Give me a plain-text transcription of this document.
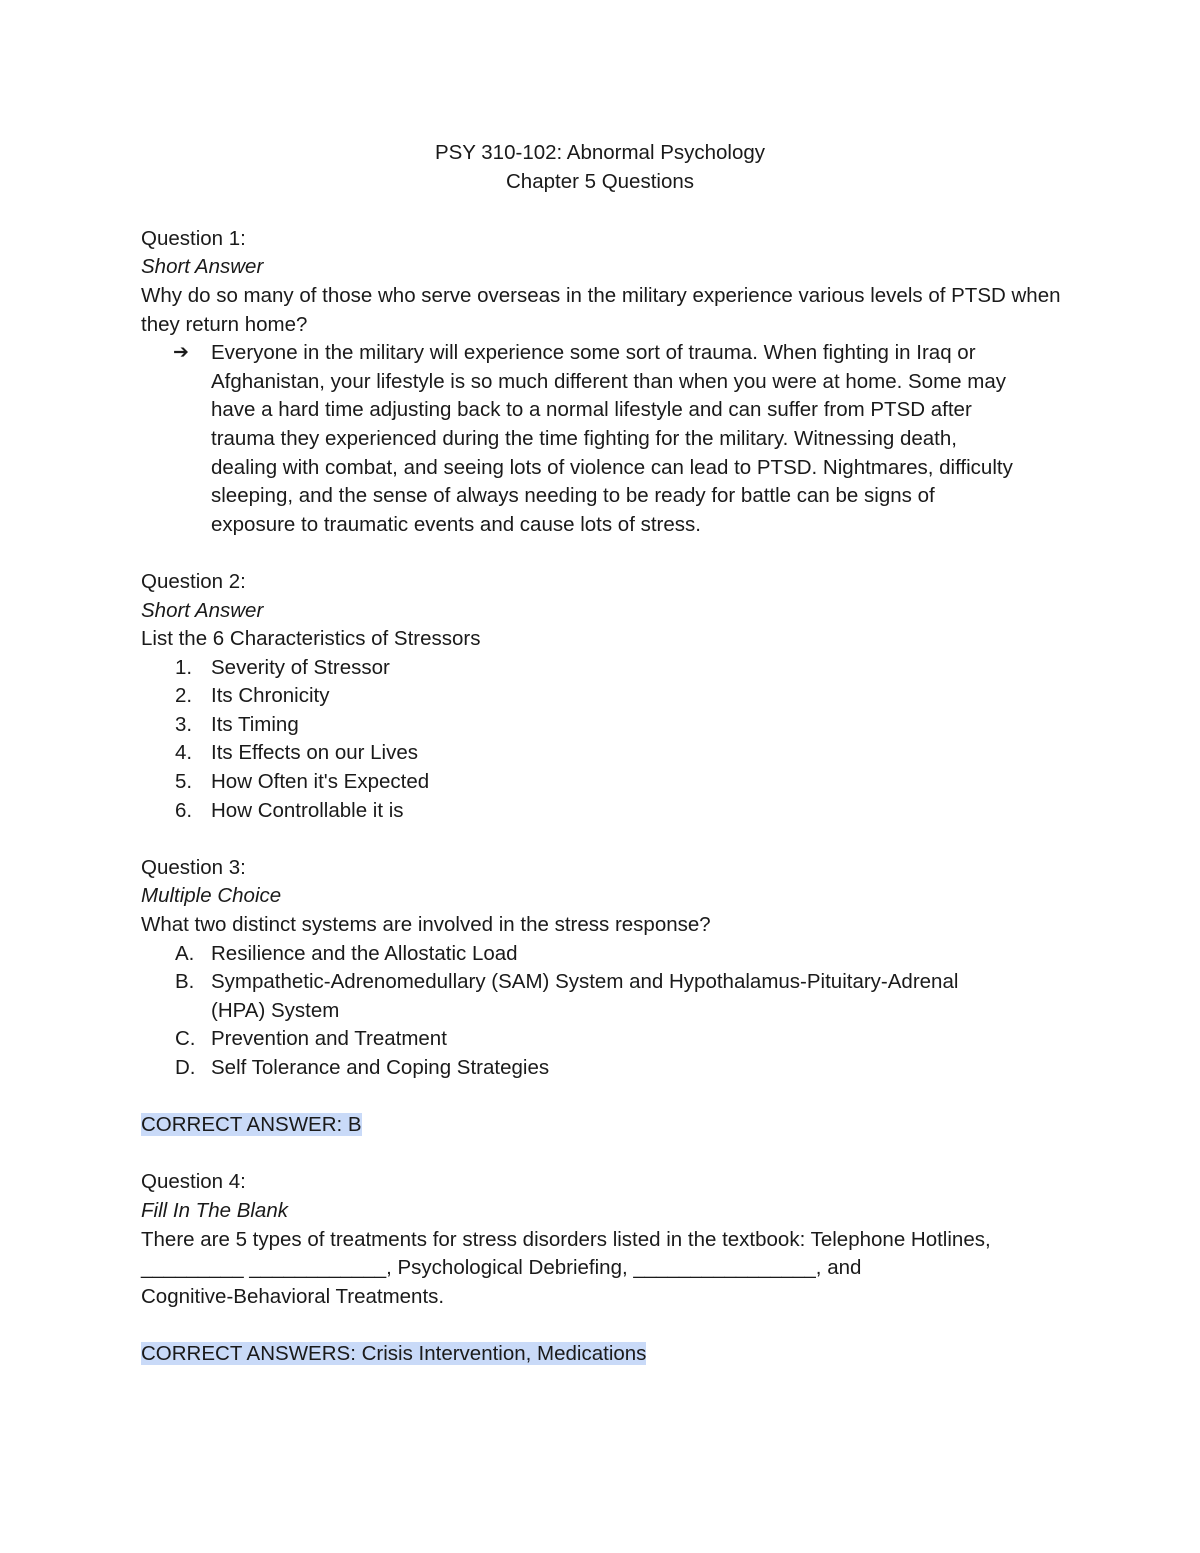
PSY 310-102: Abnormal Psychology
Chapter 5 Questions
Question 1:
Short Answer
Why do so many of those who serve overseas in the military experience various levels of PTSD when they return home?
➔ Everyone in the military will experience some sort of trauma. When fighting in Iraq or
Afghanistan, your lifestyle is so much different than when you were at home. Some may
have a hard time adjusting back to a normal lifestyle and can suffer from PTSD after
trauma they experienced during the time fighting for the military. Witnessing death,
dealing with combat, and seeing lots of violence can lead to PTSD. Nightmares, difficulty
sleeping, and the sense of always needing to be ready for battle can be signs of
exposure to traumatic events and cause lots of stress.
Question 2:
Short Answer
List the 6 Characteristics of Stressors
1. Severity of Stressor
2. Its Chronicity
3. Its Timing
4. Its Effects on our Lives
5. How Often it's Expected
6. How Controllable it is
Question 3:
Multiple Choice
What two distinct systems are involved in the stress response?
A. Resilience and the Allostatic Load
B. Sympathetic-Adrenomedullary (SAM) System and Hypothalamus-Pituitary-Adrenal
(HPA) System
C. Prevention and Treatment
D. Self Tolerance and Coping Strategies
CORRECT ANSWER: B
Question 4:
Fill In The Blank
There are 5 types of treatments for stress disorders listed in the textbook: Telephone Hotlines,
_________ ____________, Psychological Debriefing, ________________, and
Cognitive-Behavioral Treatments.
CORRECT ANSWERS: Crisis Intervention, Medications
